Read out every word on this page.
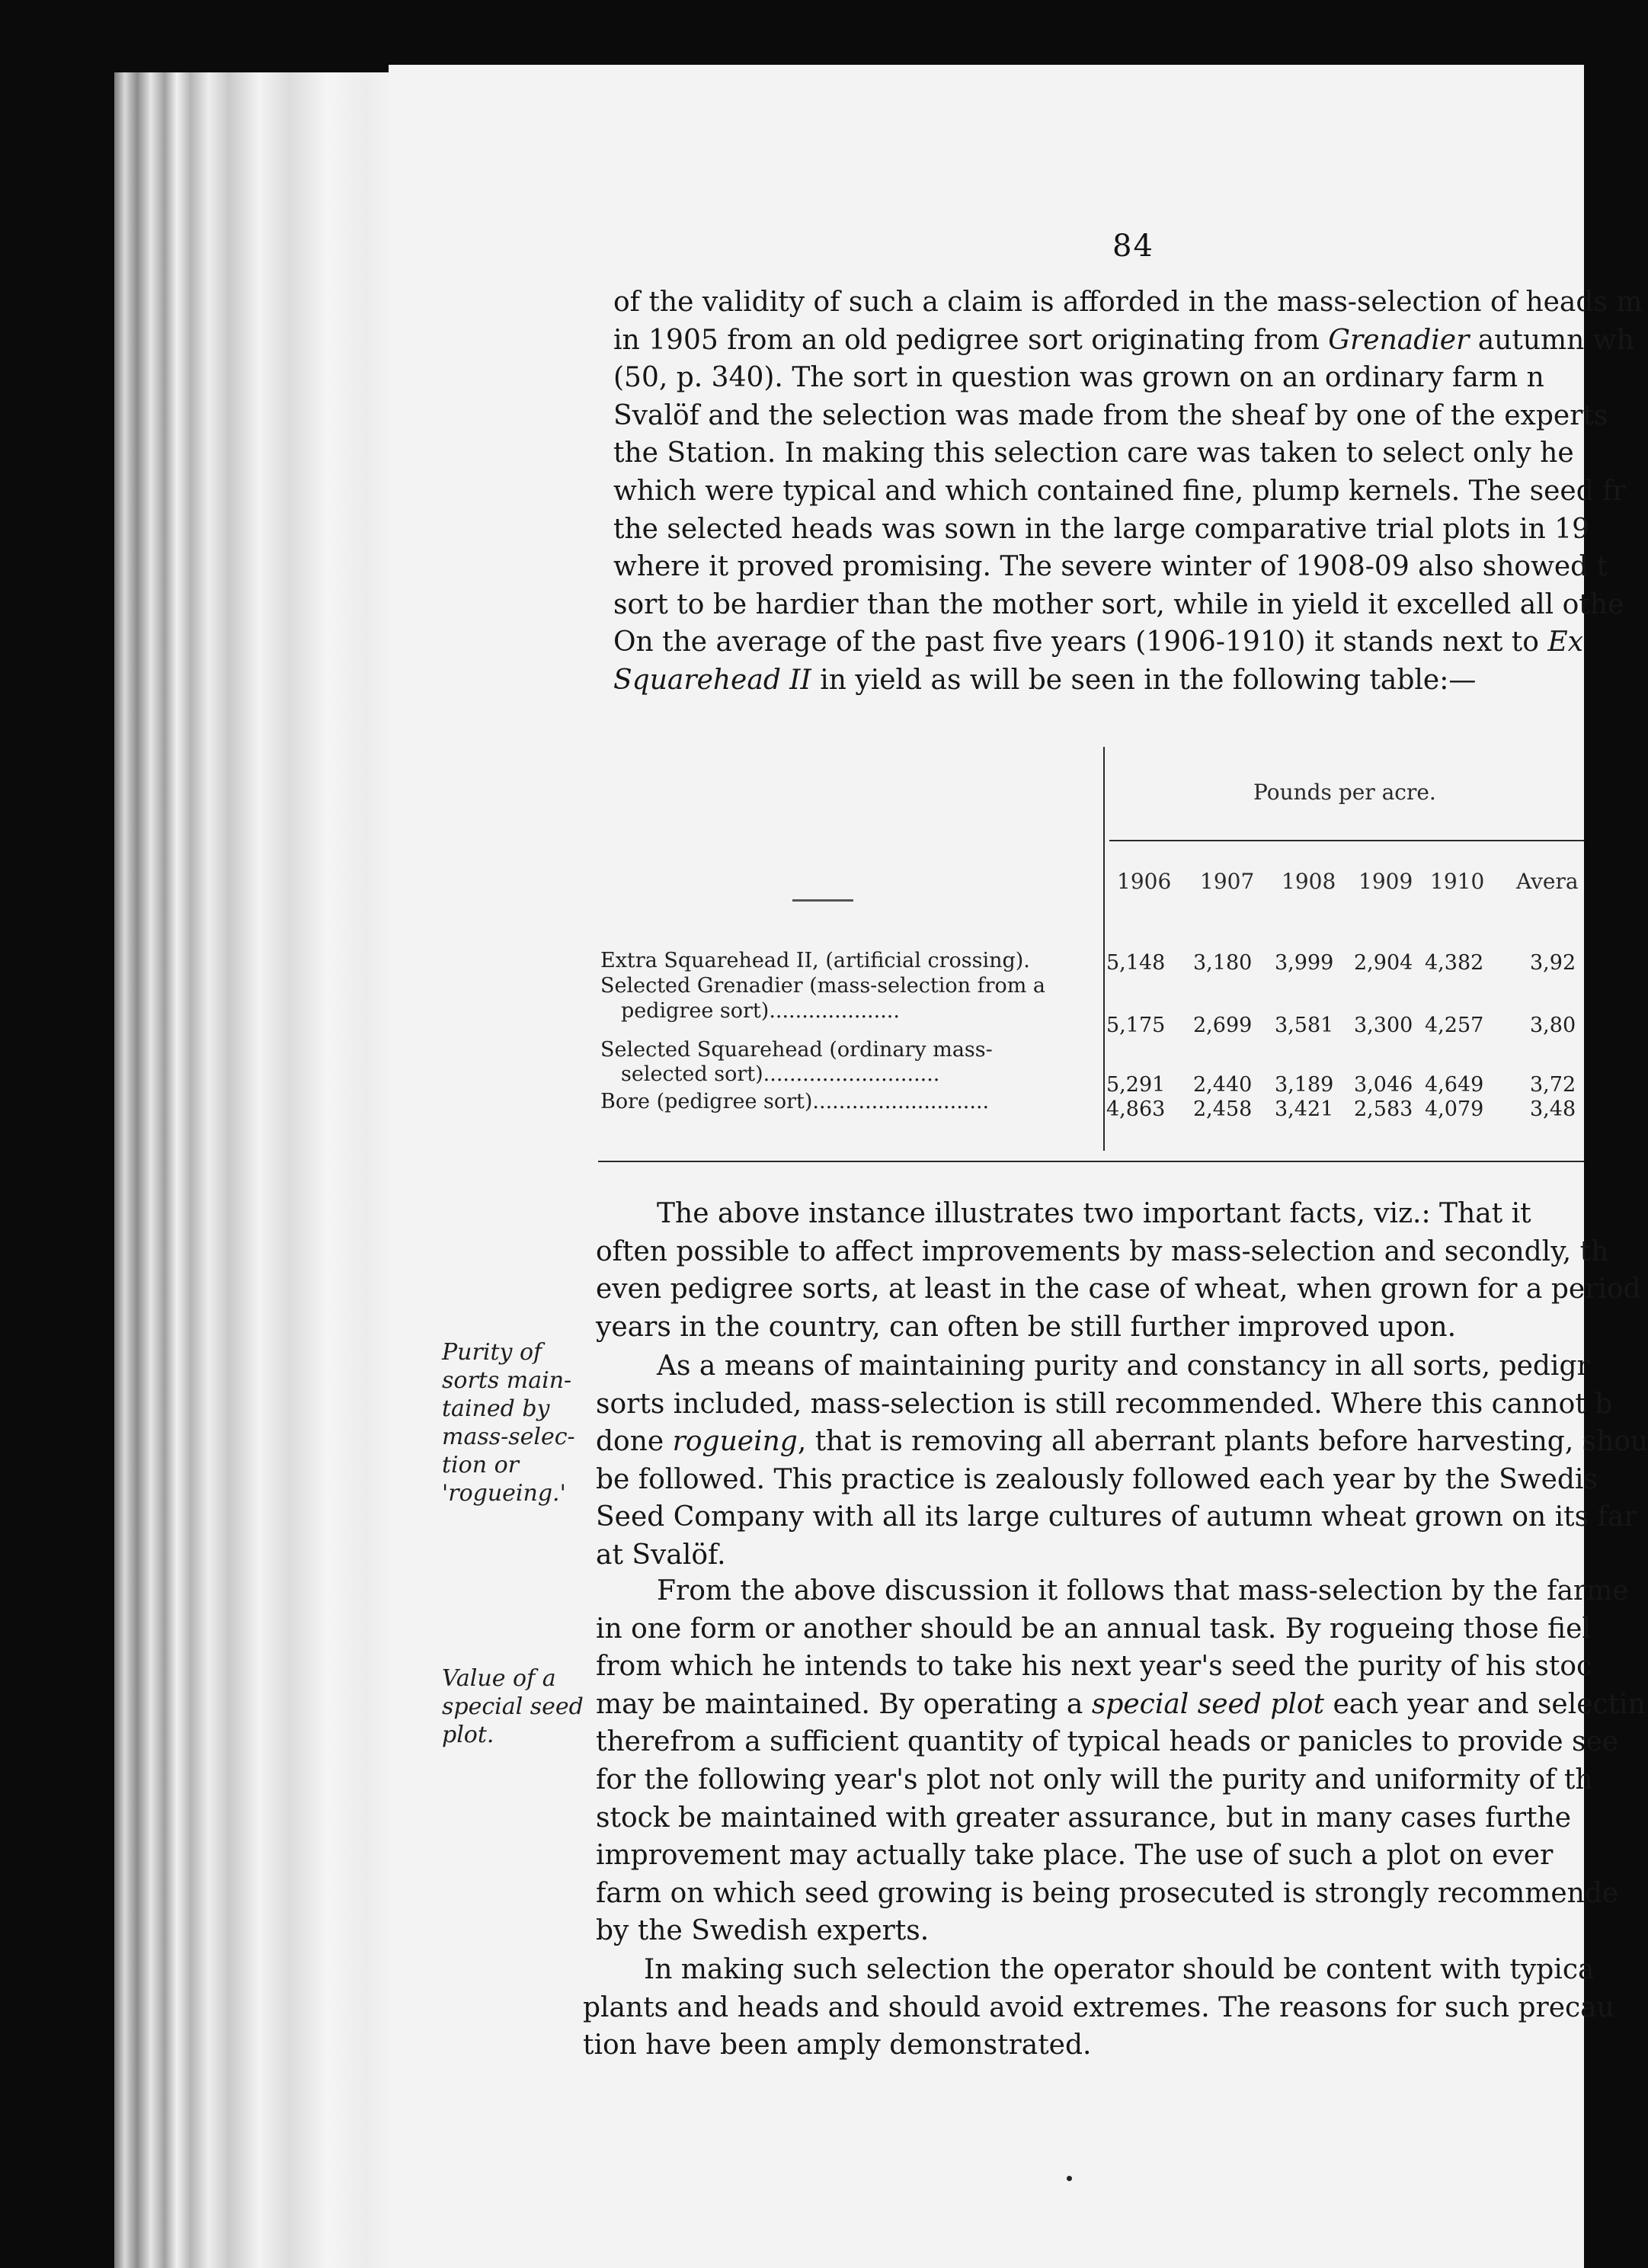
84
of the validity of such a claim is afforded in the mass-selection of heads m
in 1905 from an old pedigree sort originating from Grenadier autumn wh
(50, p. 340). The sort in question was grown on an ordinary farm n
Svalöf and the selection was made from the sheaf by one of the experts
the Station. In making this selection care was taken to select only he
which were typical and which contained fine, plump kernels. The seed fr
the selected heads was sown in the large comparative trial plots in 19
where it proved promising. The severe winter of 1908-09 also showed t
sort to be hardier than the mother sort, while in yield it excelled all othe
On the average of the past five years (1906-1910) it stands next to Ex
Squarehead II in yield as will be seen in the following table:—
Pounds per acre.
1906 1907 1908 1909 1910 Avera
Extra Squarehead II, (artificial crossing).
Selected Grenadier (mass-selection from a
pedigree sort)....................
Selected Squarehead (ordinary mass-
selected sort)...........................
Bore (pedigree sort)...........................
5,148 3,180 3,999 2,904 4,382 3,92
5,175 2,699 3,581 3,300 4,257 3,80
5,291 2,440 3,189 3,046 4,649 3,72
4,863 2,458 3,421 2,583 4,079 3,48
The above instance illustrates two important facts, viz.: That it
often possible to affect improvements by mass-selection and secondly, th
even pedigree sorts, at least in the case of wheat, when grown for a period
years in the country, can often be still further improved upon.
As a means of maintaining purity and constancy in all sorts, pedigr
sorts included, mass-selection is still recommended. Where this cannot b
done rogueing, that is removing all aberrant plants before harvesting, shou
be followed. This practice is zealously followed each year by the Swedis
Seed Company with all its large cultures of autumn wheat grown on its far
at Svalöf.
From the above discussion it follows that mass-selection by the farme
in one form or another should be an annual task. By rogueing those fiel
from which he intends to take his next year's seed the purity of his stoc
may be maintained. By operating a special seed plot each year and selectin
therefrom a sufficient quantity of typical heads or panicles to provide see
for the following year's plot not only will the purity and uniformity of th
stock be maintained with greater assurance, but in many cases furthe
improvement may actually take place. The use of such a plot on ever
farm on which seed growing is being prosecuted is strongly recommende
by the Swedish experts.
In making such selection the operator should be content with typica
plants and heads and should avoid extremes. The reasons for such precau
tion have been amply demonstrated.
Purity of
sorts main-
tained by
mass-selec-
tion or
'rogueing.'
Value of a
special seed
plot.
